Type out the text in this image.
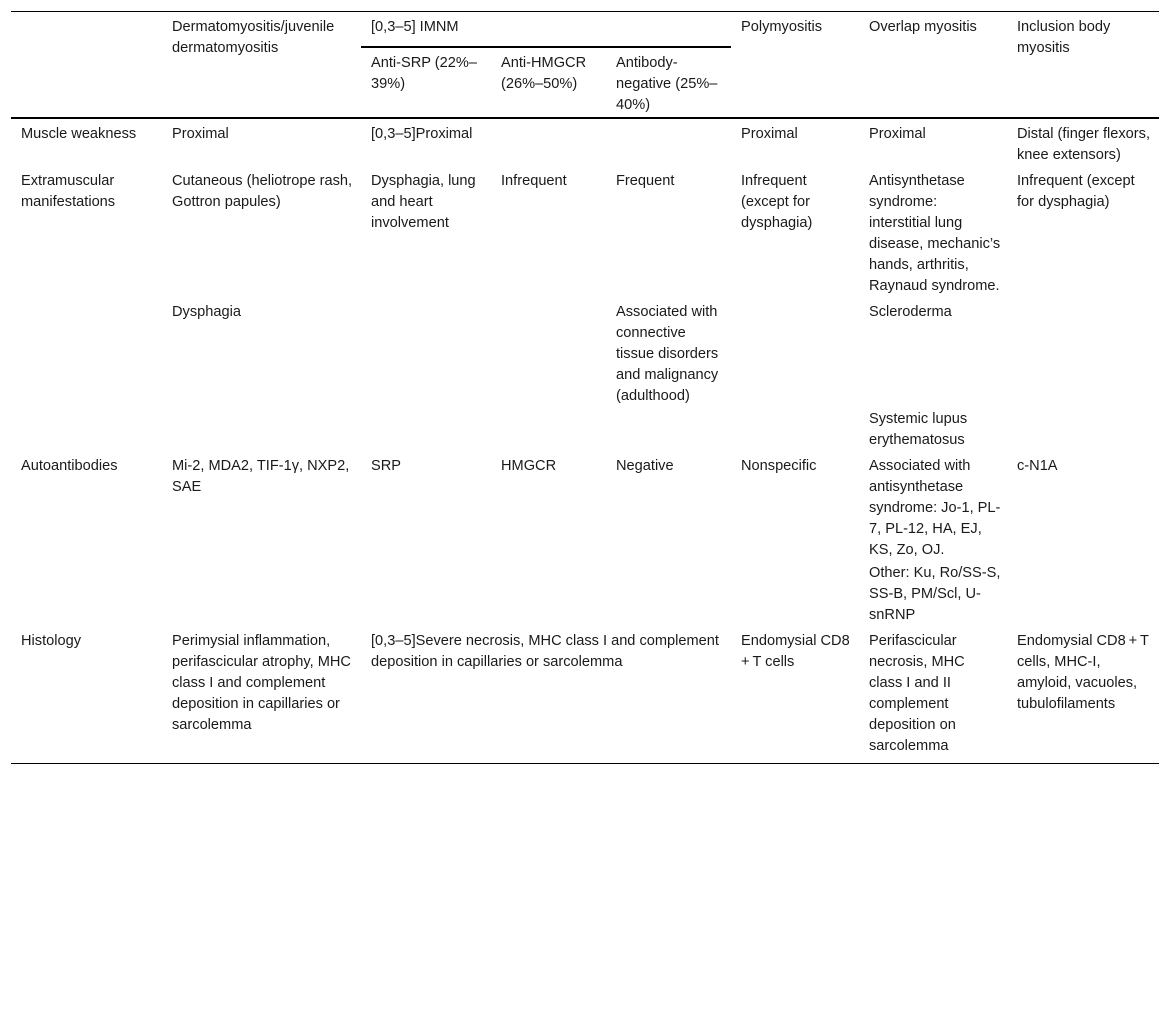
	Dermatomyositis/juvenile dermatomyositis	[0,3–5] IMNM			Polymyositis	Overlap myositis	Inclusion body myositis
		Anti-SRP (22%–39%)	Anti-HMGCR (26%–50%)	Antibody-negative (25%–40%)			

Muscle weakness	Proximal	[0,3–5]Proximal			Proximal	Proximal	Distal (finger flexors, knee extensors)
Extramuscular manifestations	Cutaneous (heliotrope rash, Gottron papules)	Dysphagia, lung and heart involvement	Infrequent	Frequent	Infrequent (except for dysphagia)	Antisynthetase syndrome: interstitial lung disease, mechanic’s hands, arthritis, Raynaud syndrome.	Infrequent (except for dysphagia)
	Dysphagia			Associated with connective tissue disorders and malignancy (adulthood)		Scleroderma	
						Systemic lupus erythematosus	
Autoantibodies	Mi-2, MDA2, TIF-1γ, NXP2, SAE	SRP	HMGCR	Negative	Nonspecific	Associated with antisynthetase syndrome: Jo-1, PL-7, PL-12, HA, EJ, KS, Zo, OJ.	c-N1A
						Other: Ku, Ro/SS-S, SS-B, PM/Scl, U-snRNP	
Histology	Perimysial inflammation, perifascicular atrophy, MHC class I and complement deposition in capillaries or sarcolemma	[0,3–5]Severe necrosis, MHC class I and complement deposition in capillaries or sarcolemma			Endomysial CD8 + T cells	Perifascicular necrosis, MHC class I and II complement deposition on sarcolemma	Endomysial CD8 + T cells, MHC-I, amyloid, vacuoles, tubulofilaments
